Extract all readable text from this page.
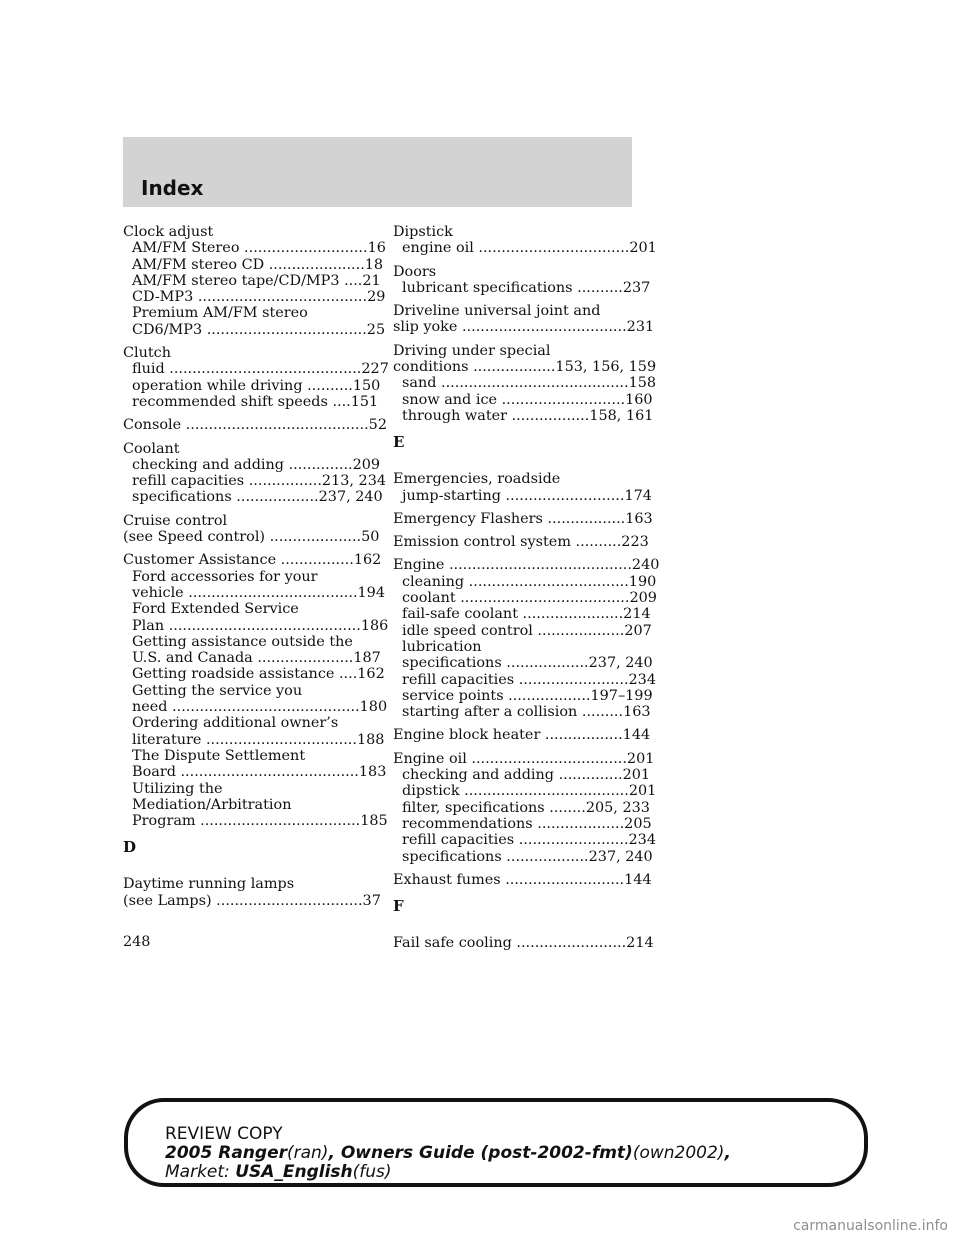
Index
Clock adjust
AM/FM Stereo ...........................16
AM/FM stereo CD .....................18
AM/FM stereo tape/CD/MP3 ....21
CD-MP3 .....................................29
Premium AM/FM stereo
CD6/MP3 ...................................25
Clutch
fluid ..........................................227
operation while driving ..........150
recommended shift speeds ....151
Console ........................................52
Coolant
checking and adding ..............209
refill capacities ................213, 234
specifications ..................237, 240
Cruise control
(see Speed control) ....................50
Customer Assistance ................162
Ford accessories for your
vehicle .....................................194
Ford Extended Service
Plan ..........................................186
Getting assistance outside the
U.S. and Canada .....................187
Getting roadside assistance ....162
Getting the service you
need .........................................180
Ordering additional owner’s
literature .................................188
The Dispute Settlement
Board .......................................183
Utilizing the
Mediation/Arbitration
Program ...................................185
D
Daytime running lamps
(see Lamps) ................................37
Dipstick
engine oil .................................201
Doors
lubricant specifications ..........237
Driveline universal joint and
slip yoke ....................................231
Driving under special
conditions ..................153, 156, 159
sand .........................................158
snow and ice ...........................160
through water .................158, 161
E
Emergencies, roadside
jump-starting ..........................174
Emergency Flashers .................163
Emission control system ..........223
Engine ........................................240
cleaning ...................................190
coolant .....................................209
fail-safe coolant ......................214
idle speed control ...................207
lubrication
specifications ..................237, 240
refill capacities ........................234
service points ..................197–199
starting after a collision .........163
Engine block heater .................144
Engine oil ..................................201
checking and adding ..............201
dipstick ....................................201
filter, specifications ........205, 233
recommendations ...................205
refill capacities ........................234
specifications ..................237, 240
Exhaust fumes ..........................144
F
Fail safe cooling ........................214
248
REVIEW COPY
2005 Ranger(ran), Owners Guide (post-2002-fmt)(own2002),
Market: USA_English(fus)
carmanualsonline.info
